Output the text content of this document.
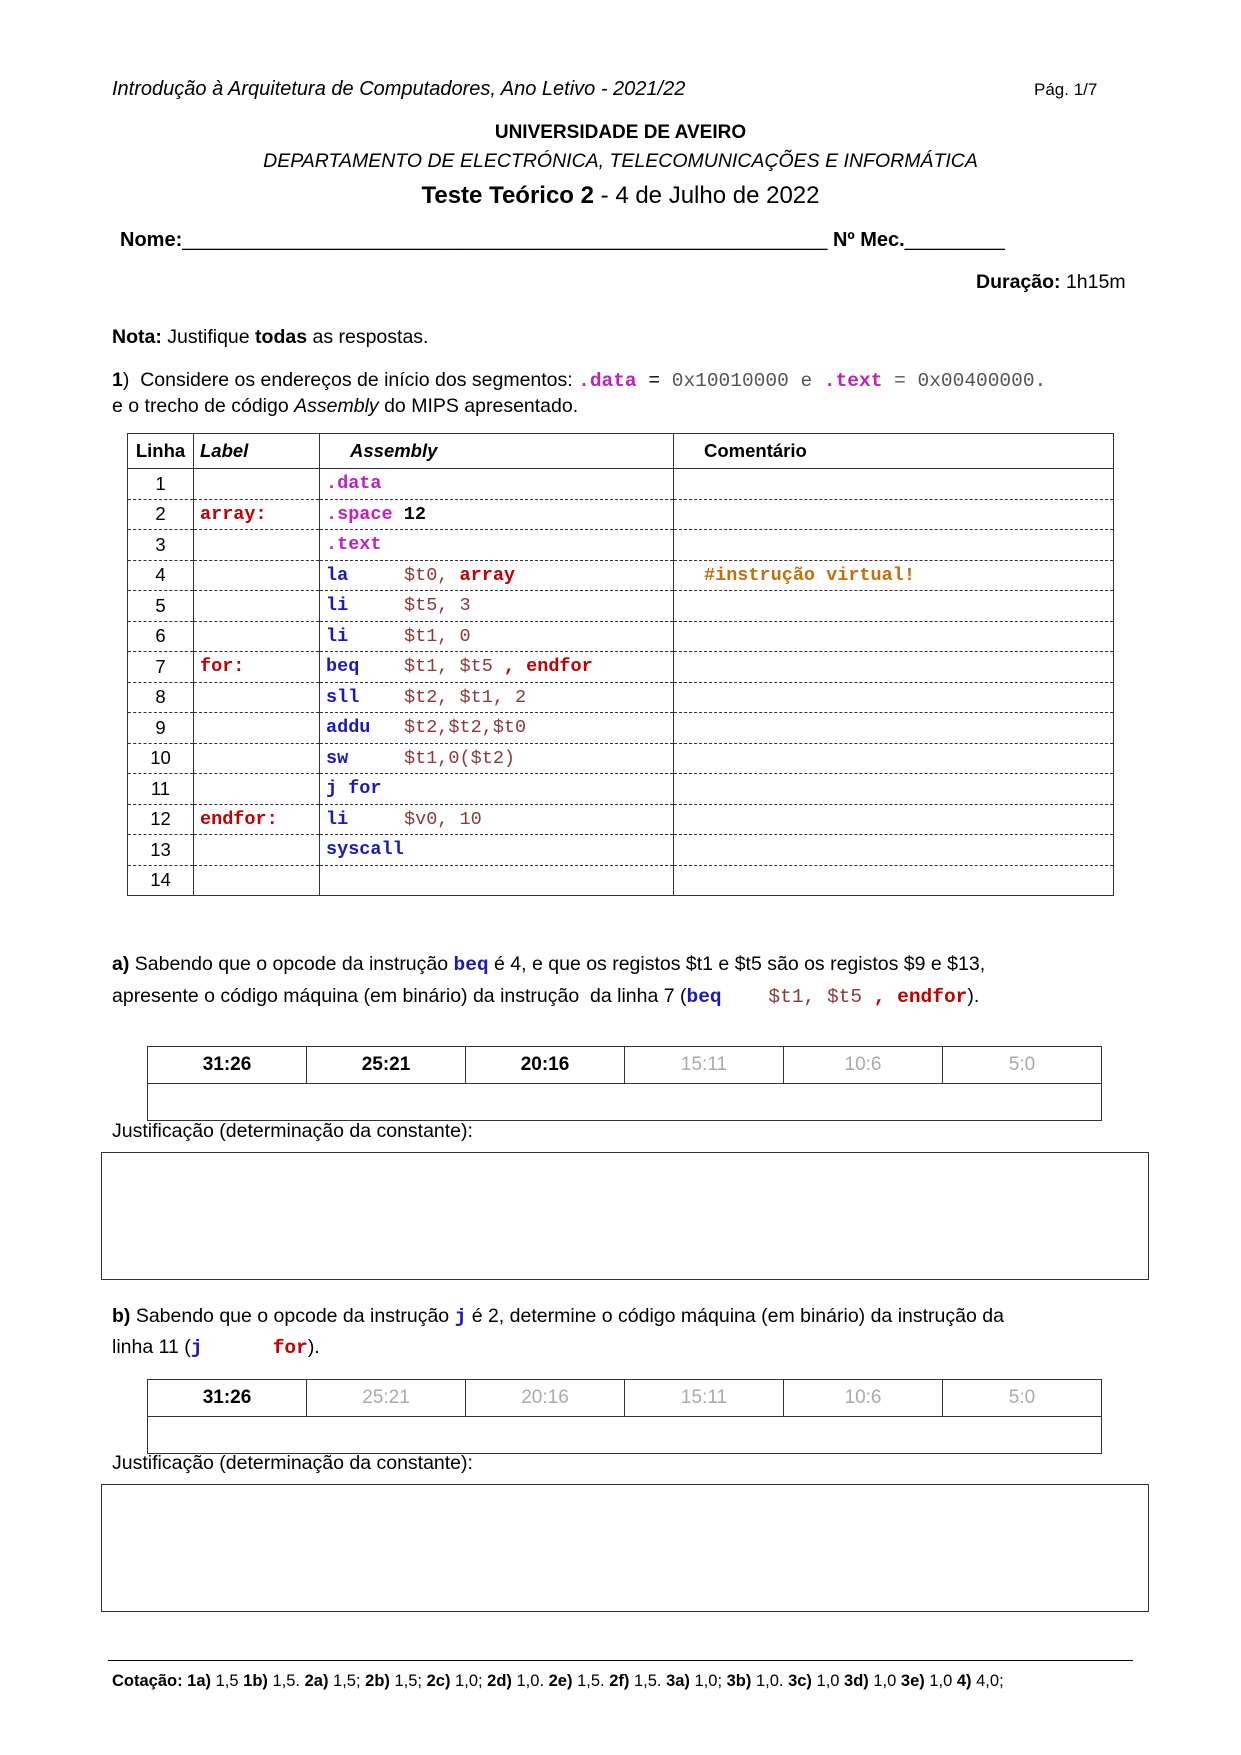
Introdução à Arquitetura de Computadores, Ano Letivo - 2021/22	Pág. 1/7
UNIVERSIDADE DE AVEIRO
DEPARTAMENTO DE ELECTRÓNICA, TELECOMUNICAÇÕES E INFORMÁTICA
Teste Teórico 2 - 4 de Julho de 2022
Nome:__________________________________________________________ Nº Mec._________
Duração: 1h15m
Nota: Justifique todas as respostas.
1)  Considere os endereços de início dos segmentos: .data = 0x10010000 e .text = 0x00400000.
e o trecho de código Assembly do MIPS apresentado.
Linha	Label	Assembly	Comentário
1		.data	
2	array:	.space 12	
3		.text	
4		la $t0, array	#instrução virtual!
5		li $t5, 3	
6		li $t1, 0	
7	for:	beq $t1, $t5 , endfor	
8		sll $t2, $t1, 2	
9		addu $t2,$t2,$t0	
10		sw $t1,0($t2)	
11		j for	
12	endfor:	li $v0, 10	
13		syscall	
14			
a) Sabendo que o opcode da instrução beq é 4, e que os registos $t1 e $t5 são os registos $9 e $13,
apresente o código máquina (em binário) da instrução  da linha 7 (beq    $t1, $t5 , endfor).
31:26	25:21	20:16	15:11	10:6	5:0

Justificação (determinação da constante):
b) Sabendo que o opcode da instrução j é 2, determine o código máquina (em binário) da instrução da
linha 11 (j      for).
31:26	25:21	20:16	15:11	10:6	5:0

Justificação (determinação da constante):
Cotação: 1a) 1,5 1b) 1,5. 2a) 1,5; 2b) 1,5; 2c) 1,0; 2d) 1,0. 2e) 1,5. 2f) 1,5. 3a) 1,0; 3b) 1,0. 3c) 1,0 3d) 1,0 3e) 1,0 4) 4,0;
